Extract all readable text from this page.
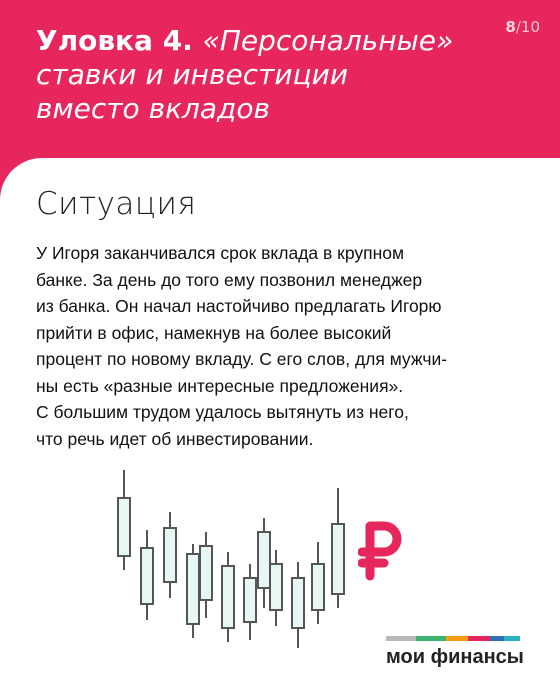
Уловка 4. «Персональные» ставки и инвестиции вместо вкладов
8/10
Ситуация

У Игоря заканчивался срок вклада в крупном

банке. За день до того ему позвонил менеджер

из банка. Он начал настойчиво предлагать Игорю

прийти в офис, намекнув на более высокий

процент по новому вкладу. С его слов, для мужчи-

ны есть «разные интересные предложения».

С большим трудом удалось вытянуть из него,

что речь идет об инвестировании.

мои финансы
